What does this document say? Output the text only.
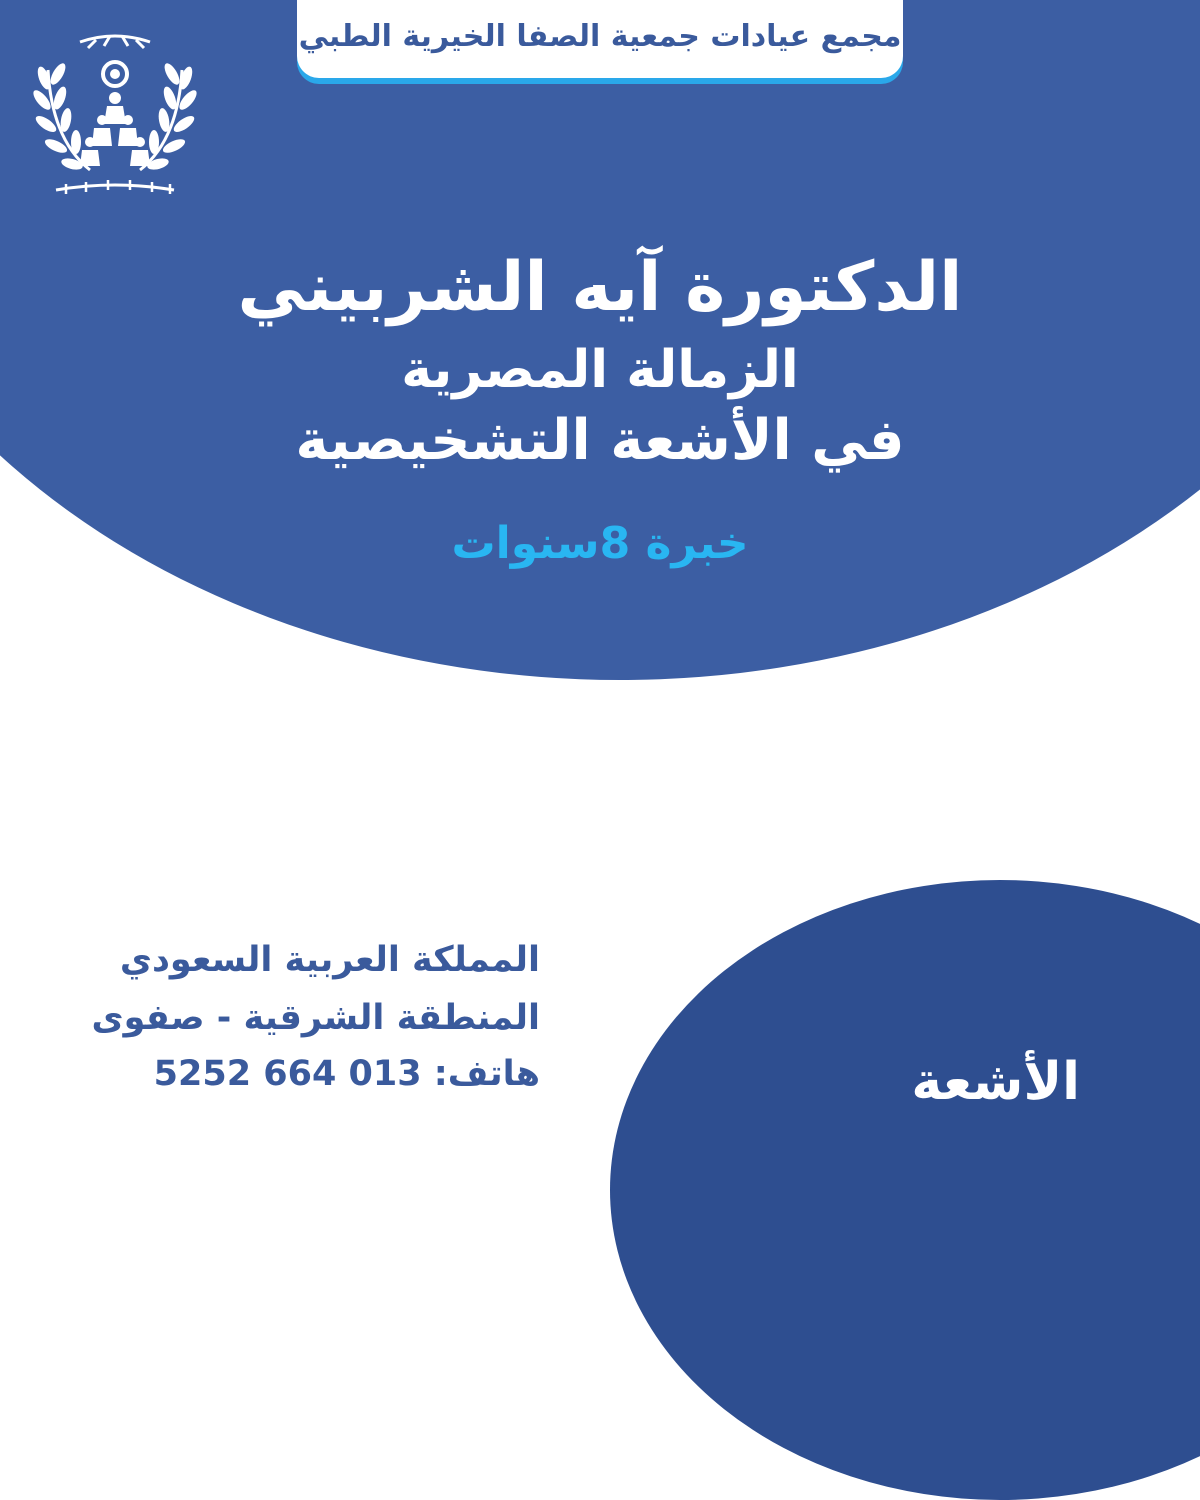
مجمع عيادات جمعية الصفا الخيرية الطبي
الدكتورة آيه الشربيني
الزمالة المصرية
في الأشعة التشخيصية
خبرة 8سنوات
المملكة العربية السعودي
المنطقة الشرقية - صفوى
هاتف: 013 664 5252	الأشعة
